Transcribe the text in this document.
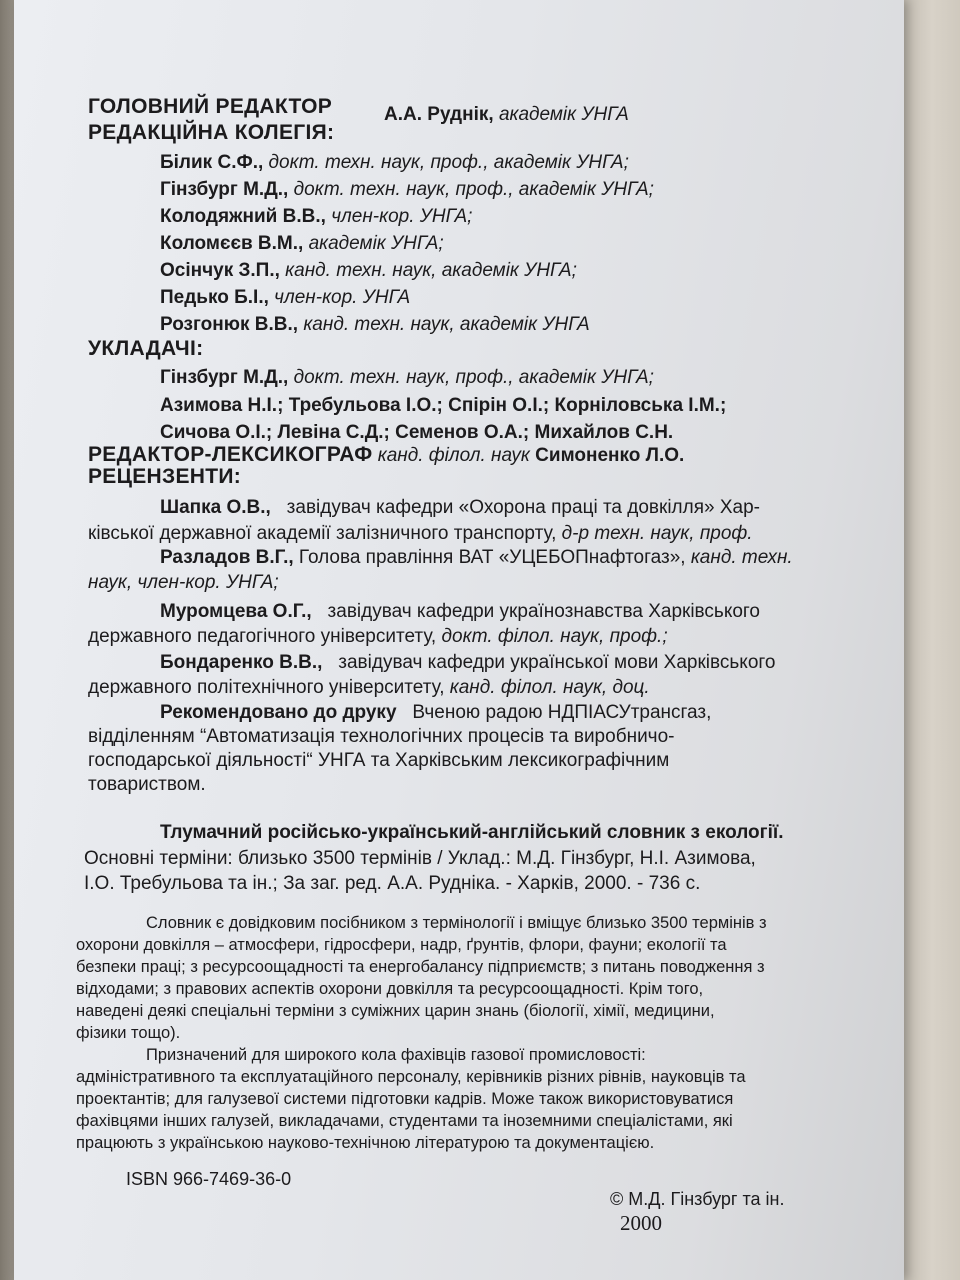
ГОЛОВНИЙ РЕДАКТОР	А.А. Руднік, академік УНГА
РЕДАКЦІЙНА КОЛЕГІЯ:
Білик С.Ф., докт. техн. наук, проф., академік УНГА;
Гінзбург М.Д., докт. техн. наук, проф., академік УНГА;
Колодяжний В.В., член-кор. УНГА;
Коломєєв В.М., академік УНГА;
Осінчук З.П., канд. техн. наук, академік УНГА;
Педько Б.І., член-кор. УНГА
Розгонюк В.В., канд. техн. наук, академік УНГА
УКЛАДАЧІ:
Гінзбург М.Д., докт. техн. наук, проф., академік УНГА;
Азимова Н.І.; Требульова І.О.; Спірін О.І.; Корніловська І.М.;
Сичова О.І.; Левіна С.Д.; Семенов О.А.; Михайлов С.Н.
РЕДАКТОР-ЛЕКСИКОГРАФ канд. філол. наук Симоненко Л.О.
РЕЦЕНЗЕНТИ:
Шапка О.В., завідувач кафедри «Охорона праці та довкілля» Хар-
ківської державної академії залізничного транспорту, д-р техн. наук, проф.
Разладов В.Г., Голова правління ВАТ «УЦЕБОПнафтогаз», канд. техн.
наук, член-кор. УНГА;
Муромцева О.Г., завідувач кафедри українознавства Харківського
державного педагогічного університету, докт. філол. наук, проф.;
Бондаренко В.В., завідувач кафедри української мови Харківського
державного політехнічного університету, канд. філол. наук, доц.
Рекомендовано до друку Вченою радою НДПІАСУтрансгаз,
відділенням “Автоматизація технологічних процесів та виробничо-
господарської діяльності“ УНГА та Харківським лексикографічним
товариством.
Тлумачний російсько-український-англійський словник з екології.
Основні терміни: близько 3500 термінів / Уклад.: М.Д. Гінзбург, Н.І. Азимова,
І.О. Требульова та ін.; За заг. ред. А.А. Рудніка. - Харків, 2000. - 736 с.
Словник є довідковим посібником з термінології і вміщує близько 3500 термінів з
охорони довкілля – атмосфери, гідросфери, надр, ґрунтів, флори, фауни; екології та
безпеки праці; з ресурсоощадності та енергобалансу підприємств; з питань поводження з
відходами; з правових аспектів охорони довкілля та ресурсоощадності. Крім того,
наведені деякі спеціальні терміни з суміжних царин знань (біології, хімії, медицини,
фізики тощо).
Призначений для широкого кола фахівців газової промисловості:
адміністративного та експлуатаційного персоналу, керівників різних рівнів, науковців та
проектантів; для галузевої системи підготовки кадрів. Може також використовуватися
фахівцями інших галузей, викладачами, студентами та іноземними спеціалістами, які
працюють з українською науково-технічною літературою та документацією.
ISBN 966-7469-36-0
© М.Д. Гінзбург та ін.
2000
